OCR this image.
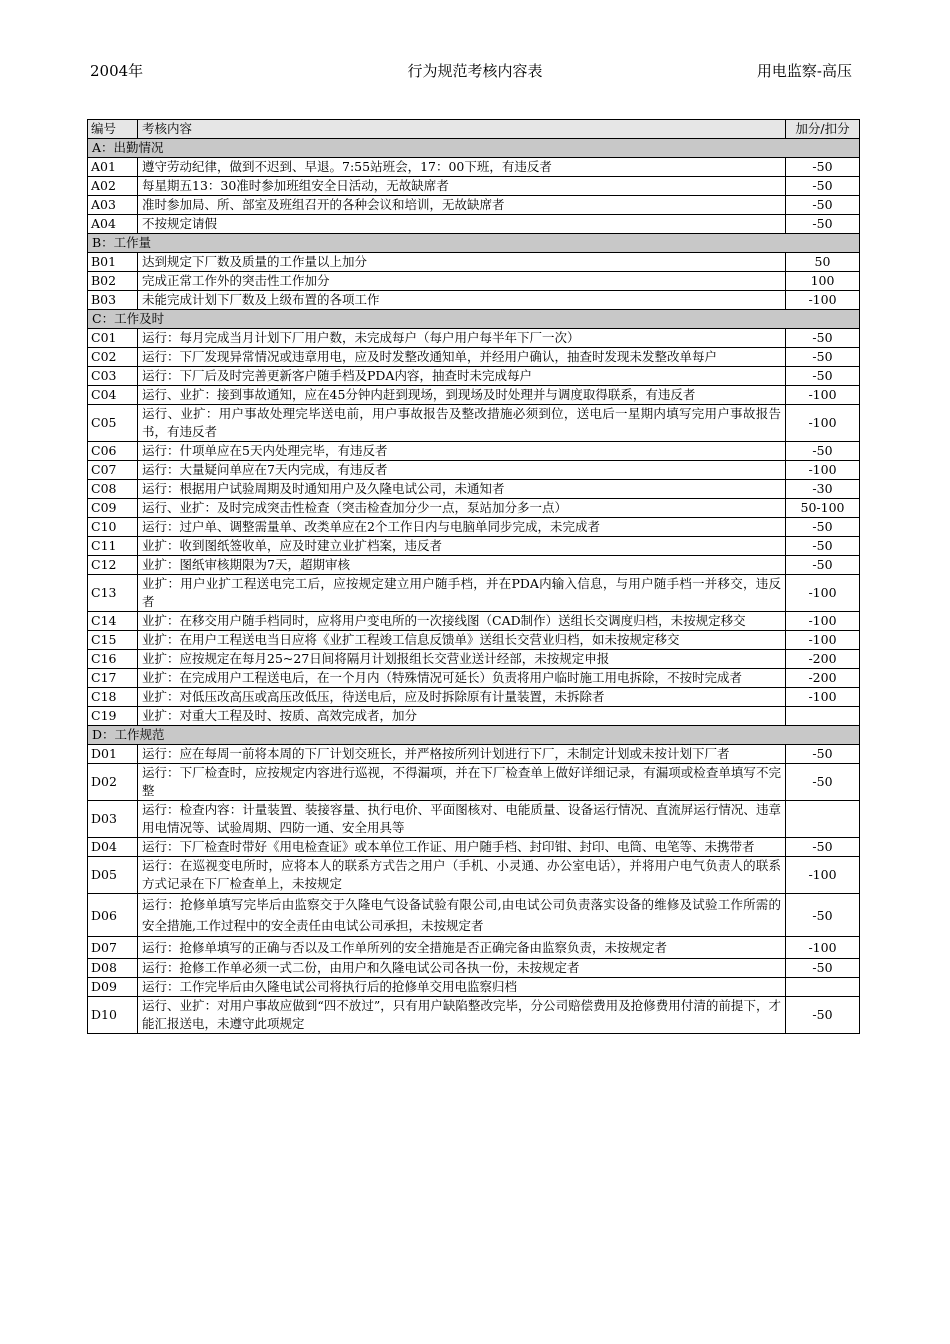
行为规范考核内容表
2004年	用电监察-高压
编号	考核内容	加分/扣分
A：出勤情况		
A01	遵守劳动纪律，做到不迟到、早退。7:55站班会，17：00下班，有违反者	-50
A02	每星期五13：30准时参加班组安全日活动，无故缺席者	-50
A03	准时参加局、所、部室及班组召开的各种会议和培训，无故缺席者	-50
A04	不按规定请假	-50
B：工作量		
B01	达到规定下厂数及质量的工作量以上加分	50
B02	完成正常工作外的突击性工作加分	100
B03	未能完成计划下厂数及上级布置的各项工作	-100
C：工作及时		
C01	运行：每月完成当月计划下厂用户数，未完成每户（每户用户每半年下厂一次）	-50
C02	运行：下厂发现异常情况或违章用电，应及时发整改通知单，并经用户确认，抽查时发现未发整改单每户	-50
C03	运行：下厂后及时完善更新客户随手档及PDA内容，抽查时未完成每户	-50
C04	运行、业扩：接到事故通知，应在45分钟内赶到现场，到现场及时处理并与调度取得联系，有违反者	-100
C05	运行、业扩：用户事故处理完毕送电前，用户事故报告及整改措施必须到位，送电后一星期内填写完用户事故报告书，有违反者	-100
C06	运行：什项单应在5天内处理完毕，有违反者	-50
C07	运行：大量疑问单应在7天内完成，有违反者	-100
C08	运行：根据用户试验周期及时通知用户及久隆电试公司，未通知者	-30
C09	运行、业扩：及时完成突击性检查（突击检查加分少一点，泵站加分多一点）	50-100
C10	运行：过户单、调整需量单、改类单应在2个工作日内与电脑单同步完成，未完成者	-50
C11	业扩：收到图纸签收单，应及时建立业扩档案，违反者	-50
C12	业扩：图纸审核期限为7天，超期审核	-50
C13	业扩：用户业扩工程送电完工后，应按规定建立用户随手档，并在PDA内输入信息，与用户随手档一并移交，违反者	-100
C14	业扩：在移交用户随手档同时，应将用户变电所的一次接线图（CAD制作）送组长交调度归档，未按规定移交	-100
C15	业扩：在用户工程送电当日应将《业扩工程竣工信息反馈单》送组长交营业归档，如未按规定移交	-100
C16	业扩：应按规定在每月25~27日间将隔月计划报组长交营业送计经部，未按规定申报	-200
C17	业扩：在完成用户工程送电后，在一个月内（特殊情况可延长）负责将用户临时施工用电拆除，不按时完成者	-200
C18	业扩：对低压改高压或高压改低压，待送电后，应及时拆除原有计量装置，未拆除者	-100
C19	业扩：对重大工程及时、按质、高效完成者，加分	
D：工作规范		
D01	运行：应在每周一前将本周的下厂计划交班长，并严格按所列计划进行下厂，未制定计划或未按计划下厂者	-50
D02	运行：下厂检查时，应按规定内容进行巡视，不得漏项，并在下厂检查单上做好详细记录，有漏项或检查单填写不完整	-50
D03	运行：检查内容：计量装置、装接容量、执行电价、平面图核对、电能质量、设备运行情况、直流屏运行情况、违章用电情况等、试验周期、四防一通、安全用具等	
D04	运行：下厂检查时带好《用电检查证》或本单位工作证、用户随手档、封印钳、封印、电筒、电笔等、未携带者	-50
D05	运行：在巡视变电所时，应将本人的联系方式告之用户（手机、小灵通、办公室电话），并将用户电气负责人的联系方式记录在下厂检查单上，未按规定	-100
D06	运行：抢修单填写完毕后由监察交于久隆电气设备试验有限公司,由电试公司负责落实设备的维修及试验工作所需的安全措施,工作过程中的安全责任由电试公司承担，未按规定者	-50
D07	运行：抢修单填写的正确与否以及工作单所列的安全措施是否正确完备由监察负责，未按规定者	-100
D08	运行：抢修工作单必须一式二份，由用户和久隆电试公司各执一份，未按规定者	-50
D09	运行：工作完毕后由久隆电试公司将执行后的抢修单交用电监察归档	
D10	运行、业扩：对用户事故应做到“四不放过”，只有用户缺陷整改完毕，分公司赔偿费用及抢修费用付清的前提下，才能汇报送电，未遵守此项规定	-50
